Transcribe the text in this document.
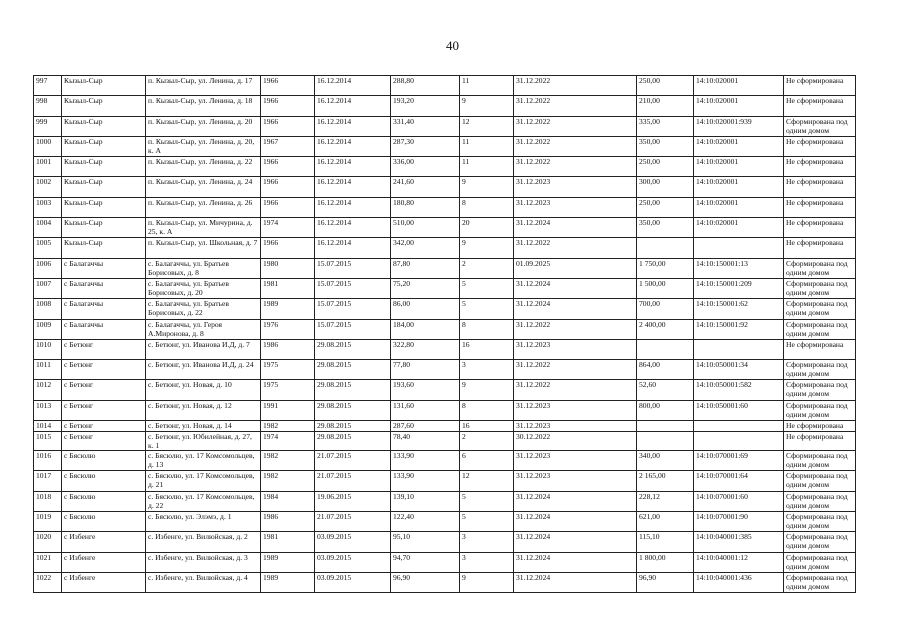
40
997	Кызыл-Сыр	п. Кызыл-Сыр, ул. Ленина, д. 17	1966	16.12.2014	288,80	11	31.12.2022	250,00	14:10:020001	Не сформирована
998	Кызыл-Сыр	п. Кызыл-Сыр, ул. Ленина, д. 18	1966	16.12.2014	193,20	9	31.12.2022	210,00	14:10:020001	Не сформирована
999	Кызыл-Сыр	п. Кызыл-Сыр, ул. Ленина, д. 20	1966	16.12.2014	331,40	12	31.12.2022	335,00	14:10:020001:939	Сформирована под одним домом
1000	Кызыл-Сыр	п. Кызыл-Сыр, ул. Ленина, д. 20, к. А	1967	16.12.2014	287,30	11	31.12.2022	350,00	14:10:020001	Не сформирована
1001	Кызыл-Сыр	п. Кызыл-Сыр, ул. Ленина, д. 22	1966	16.12.2014	336,00	11	31.12.2022	250,00	14:10:020001	Не сформирована
1002	Кызыл-Сыр	п. Кызыл-Сыр, ул. Ленина, д. 24	1966	16.12.2014	241,60	9	31.12.2023	300,00	14:10:020001	Не сформирована
1003	Кызыл-Сыр	п. Кызыл-Сыр, ул. Ленина, д. 26	1966	16.12.2014	180,80	8	31.12.2023	250,00	14:10:020001	Не сформирована
1004	Кызыл-Сыр	п. Кызыл-Сыр, ул. Мичурина, д. 25, к. А	1974	16.12.2014	510,00	20	31.12.2024	350,00	14:10:020001	Не сформирована
1005	Кызыл-Сыр	п. Кызыл-Сыр, ул. Школьная, д. 7	1966	16.12.2014	342,00	9	31.12.2022			Не сформирована
1006	с Балагаччы	с. Балагаччы, ул. Братьев Борисовых, д. 8	1980	15.07.2015	87,80	2	01.09.2025	1 750,00	14:10:150001:13	Сформирована под одним домом
1007	с Балагаччы	с. Балагаччы, ул. Братьев Борисовых, д. 20	1981	15.07.2015	75,20	5	31.12.2024	1 500,00	14:10:150001:209	Сформирована под одним домом
1008	с Балагаччы	с. Балагаччы, ул. Братьев Борисовых, д. 22	1989	15.07.2015	86,00	5	31.12.2024	700,00	14:10:150001:62	Сформирована под одним домом
1009	с Балагаччы	с. Балагаччы, ул. Героя А.Миронова, д. 8	1976	15.07.2015	184,00	8	31.12.2022	2 400,00	14:10:150001:92	Сформирована под одним домом
1010	с Бетюнг	с. Бетюнг, ул. Иванова И.Д, д. 7	1986	29.08.2015	322,80	16	31.12.2023			Не сформирована
1011	с Бетюнг	с. Бетюнг, ул. Иванова И.Д, д. 24	1975	29.08.2015	77,80	3	31.12.2022	864,00	14:10:050001:34	Сформирована под одним домом
1012	с Бетюнг	с. Бетюнг, ул. Новая, д. 10	1975	29.08.2015	193,60	9	31.12.2022	52,60	14:10:050001:582	Сформирована под одним домом
1013	с Бетюнг	с. Бетюнг, ул. Новая, д. 12	1991	29.08.2015	131,60	8	31.12.2023	800,00	14:10:050001:60	Сформирована под одним домом
1014	с Бетюнг	с. Бетюнг, ул. Новая, д. 14	1982	29.08.2015	287,60	16	31.12.2023			Не сформирована
1015	с Бетюнг	с. Бетюнг, ул. Юбилейная, д. 27, к. 1	1974	29.08.2015	78,40	2	30.12.2022			Не сформирована
1016	с Бясюлю	с. Бясюлю, ул. 17 Комсомольцев, д. 13	1982	21.07.2015	133,90	6	31.12.2023	340,00	14:10:070001:69	Сформирована под одним домом
1017	с Бясюлю	с. Бясюлю, ул. 17 Комсомольцев, д. 21	1982	21.07.2015	133,90	12	31.12.2023	2 165,00	14:10:070001:64	Сформирована под одним домом
1018	с Бясюлю	с. Бясюлю, ул. 17 Комсомольцев, д. 22	1984	19.06.2015	139,10	5	31.12.2024	228,12	14:10:070001:60	Сформирована под одним домом
1019	с Бясюлю	с. Бясюлю, ул. Элэмэ, д. 1	1986	21.07.2015	122,40	5	31.12.2024	621,00	14:10:070001:90	Сформирована под одним домом
1020	с Избенге	с. Избенге, ул. Вилюйская, д. 2	1981	03.09.2015	95,10	3	31.12.2024	115,10	14:10:040001:385	Сформирована под одним домом
1021	с Избенге	с. Избенге, ул. Вилюйская, д. 3	1989	03.09.2015	94,70	3	31.12.2024	1 800,00	14:10:040001:12	Сформирована под одним домом
1022	с Избенге	с. Избенге, ул. Вилюйская, д. 4	1989	03.09.2015	96,90	9	31.12.2024	96,90	14:10:040001:436	Сформирована под одним домом
